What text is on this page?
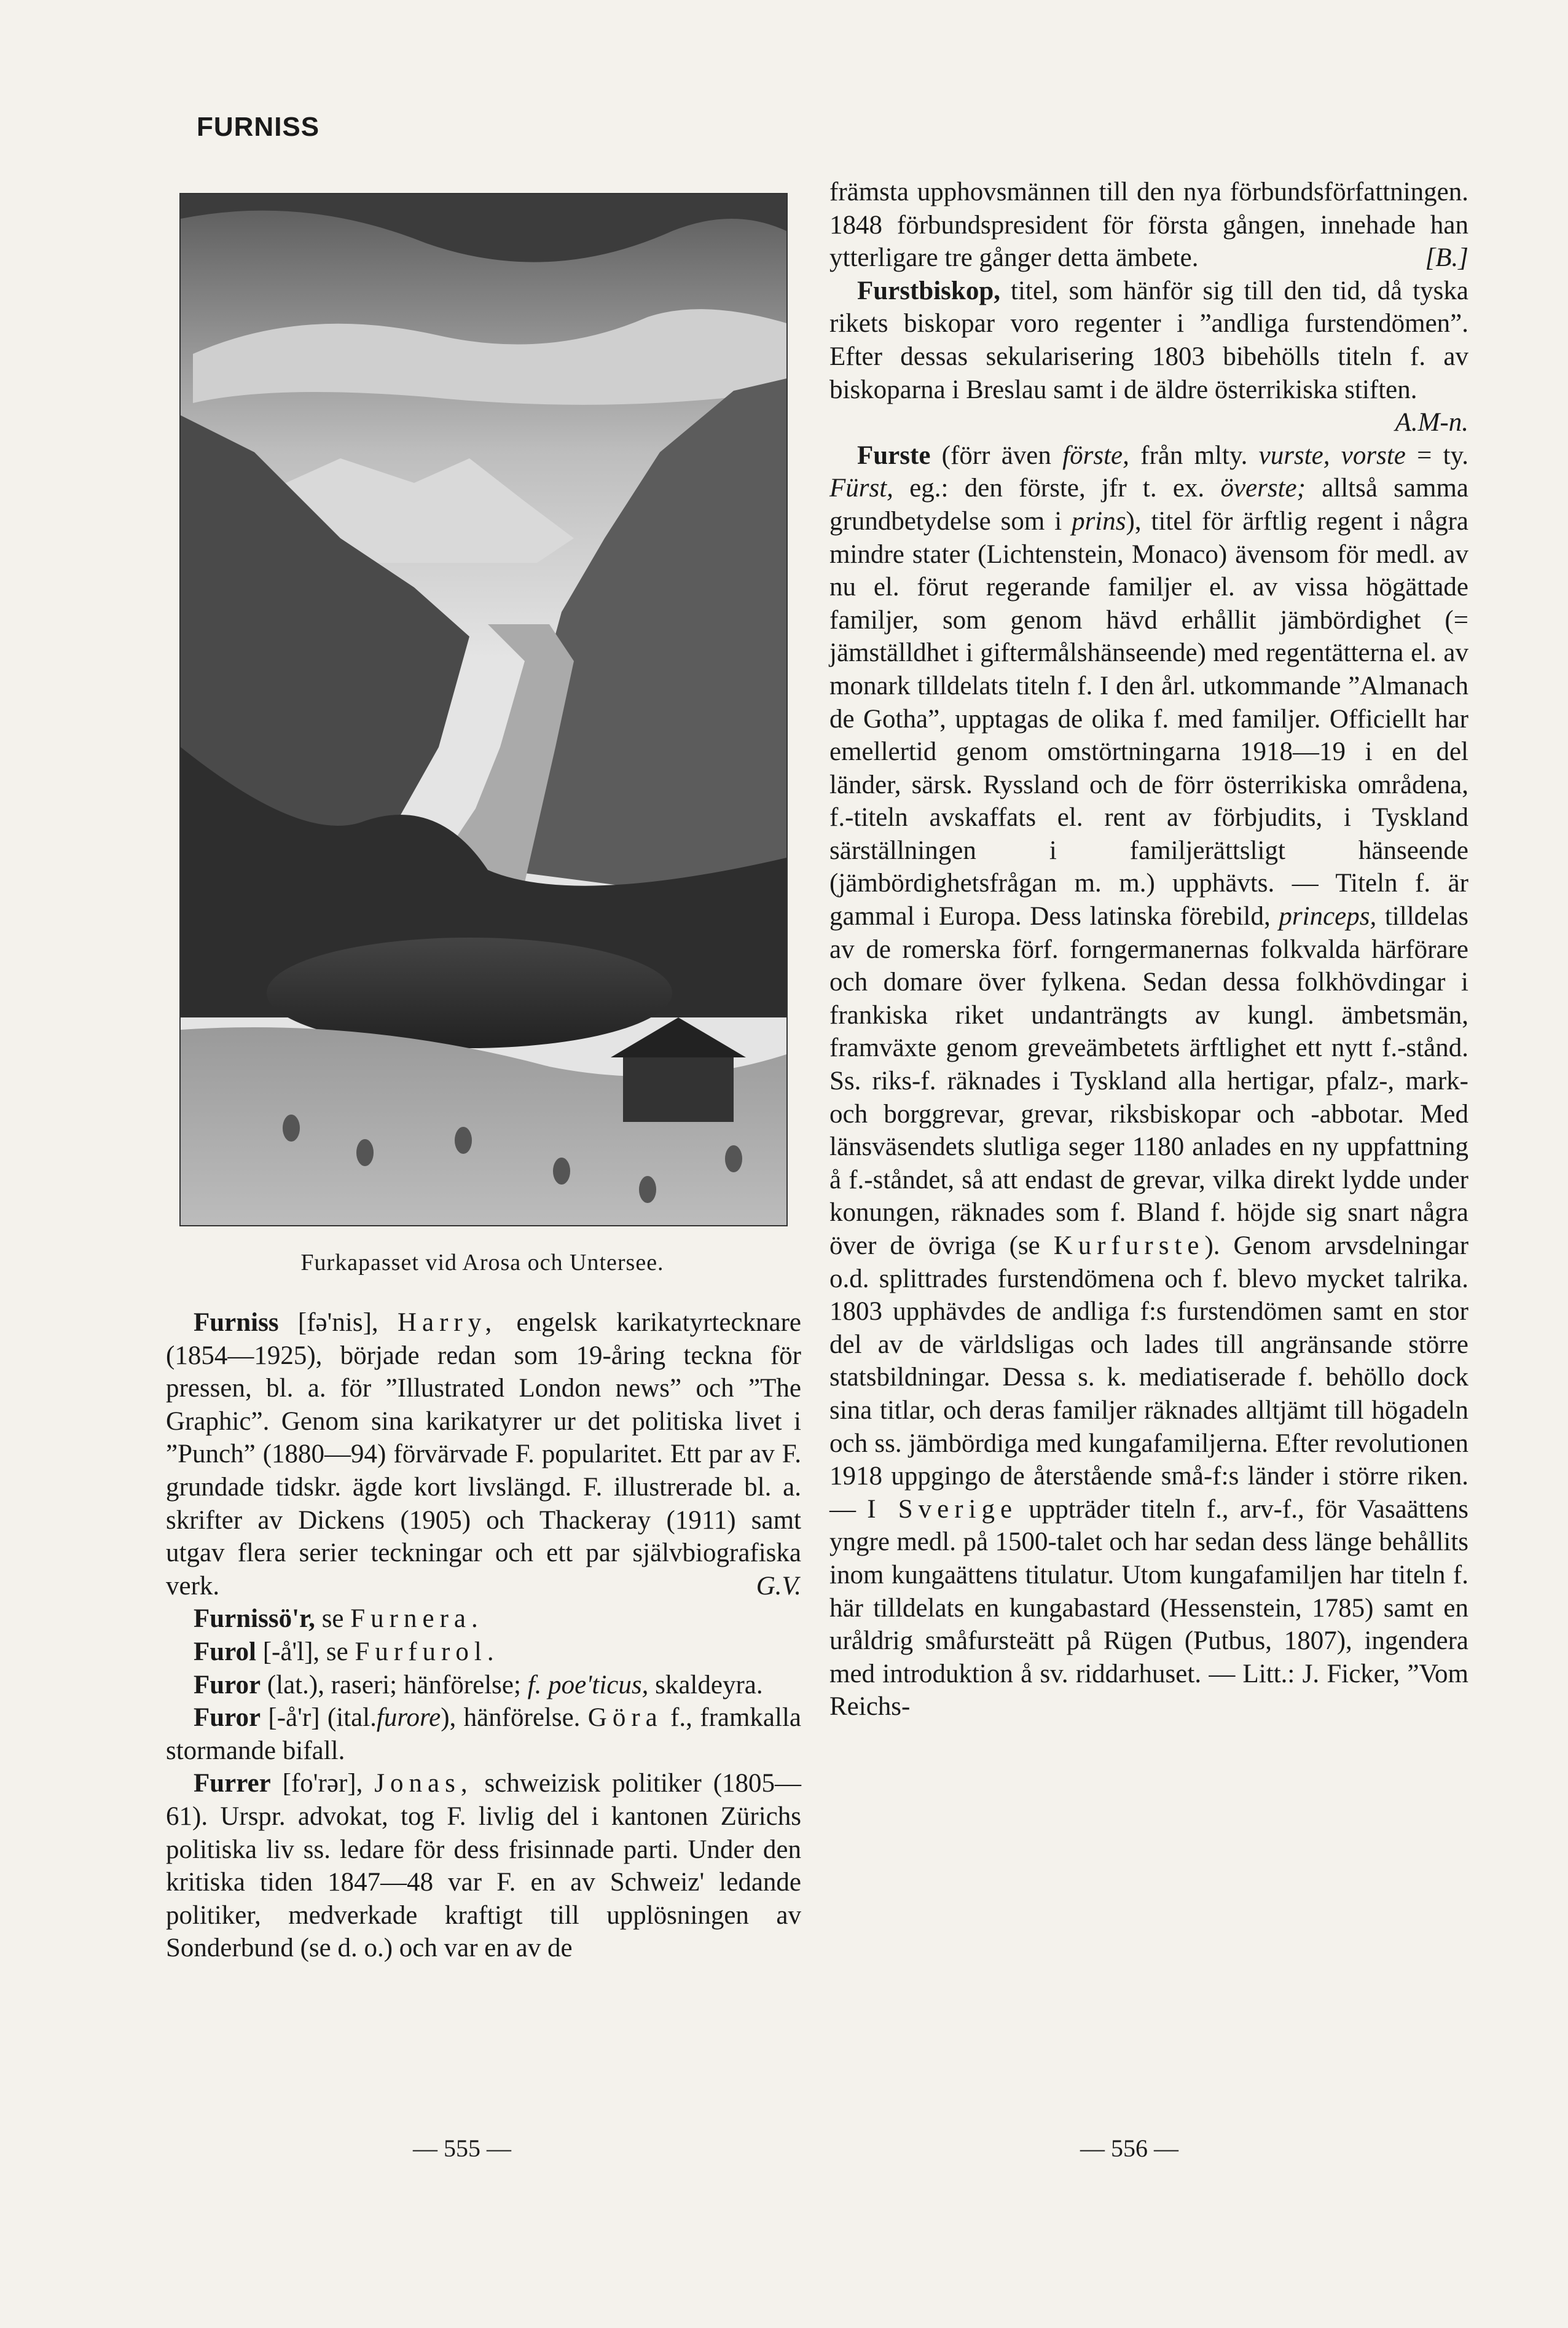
FURNISS
Furkapasset vid Arosa och Untersee.

Furniss [fə'nis], Harry, engelsk karikatyrtecknare (1854—1925), började redan som 19-åring teckna för pressen, bl. a. för ”Illustrated London news” och ”The Graphic”. Genom sina karikatyrer ur det politiska livet i ”Punch” (1880—94) förvärvade F. popularitet. Ett par av F. grundade tidskr. ägde kort livslängd. F. illustrerade bl. a. skrifter av Dickens (1905) och Thackeray (1911) samt utgav flera serier teckningar och ett par självbiografiska verk.	G.V.

Furnissö'r, se Furnera.

Furol [-å'l], se Furfurol.

Furor (lat.), raseri; hänförelse; f. poe'ticus, skaldeyra.

Furor [-å'r] (ital.furore), hänförelse. Göra f., framkalla stormande bifall.

Furrer [fo'rər], Jonas, schweizisk politiker (1805—61). Urspr. advokat, tog F. livlig del i kantonen Zürichs politiska liv ss. ledare för dess frisinnade parti. Under den kritiska tiden 1847—48 var F. en av Schweiz' ledande politiker, medverkade kraftigt till upplösningen av Sonderbund (se d. o.) och var en av de

främsta upphovsmännen till den nya förbundsförfattningen. 1848 förbundspresident för första gången, innehade han ytterligare tre gånger detta ämbete.	[B.]

Furstbiskop, titel, som hänför sig till den tid, då tyska rikets biskopar voro regenter i ”andliga furstendömen”. Efter dessas sekularisering 1803 bibehölls titeln f. av biskoparna i Breslau samt i de äldre österrikiska stiften.

A.M-n.

Furste (förr även förste, från mlty. vurste, vorste = ty. Fürst, eg.: den förste, jfr t. ex. överste; alltså samma grundbetydelse som i prins), titel för ärftlig regent i några mindre stater (Lichtenstein, Monaco) ävensom för medl. av nu el. förut regerande familjer el. av vissa högättade familjer, som genom hävd erhållit jämbördighet (= jämställdhet i giftermålshänseende) med regentätterna el. av monark tilldelats titeln f. I den årl. utkommande ”Almanach de Gotha”, upptagas de olika f. med familjer. Officiellt har emellertid genom omstörtningarna 1918—19 i en del länder, särsk. Ryssland och de förr österrikiska områdena, f.-titeln avskaffats el. rent av förbjudits, i Tyskland särställningen i familjerättsligt hänseende (jämbördighetsfrågan m. m.) upphävts. — Titeln f. är gammal i Europa. Dess latinska förebild, princeps, tilldelas av de romerska förf. forngermanernas folkvalda härförare och domare över fylkena. Sedan dessa folkhövdingar i frankiska riket undanträngts av kungl. ämbetsmän, framväxte genom greveämbetets ärftlighet ett nytt f.-stånd. Ss. riks-f. räknades i Tyskland alla hertigar, pfalz-, mark- och borggrevar, grevar, riksbiskopar och -abbotar. Med länsväsendets slutliga seger 1180 anlades en ny uppfattning å f.-ståndet, så att endast de grevar, vilka direkt lydde under konungen, räknades som f. Bland f. höjde sig snart några över de övriga (se Kurfurste). Genom arvsdelningar o.d. splittrades furstendömena och f. blevo mycket talrika. 1803 upphävdes de andliga f:s furstendömen samt en stor del av de världsligas och lades till angränsande större statsbildningar. Dessa s. k. mediatiserade f. behöllo dock sina titlar, och deras familjer räknades alltjämt till högadeln och ss. jämbördiga med kungafamiljerna. Efter revolutionen 1918 uppgingo de återstående små-f:s länder i större riken. — I Sverige uppträder titeln f., arv-f., för Vasaättens yngre medl. på 1500-talet och har sedan dess länge behållits inom kungaättens titulatur. Utom kungafamiljen har titeln f. här tilldelats en kungabastard (Hessenstein, 1785) samt en uråldrig småfursteätt på Rügen (Putbus, 1807), ingendera med introduktion å sv. riddarhuset. — Litt.: J. Ficker, ”Vom Reichs-

— 555 —	— 556 —
